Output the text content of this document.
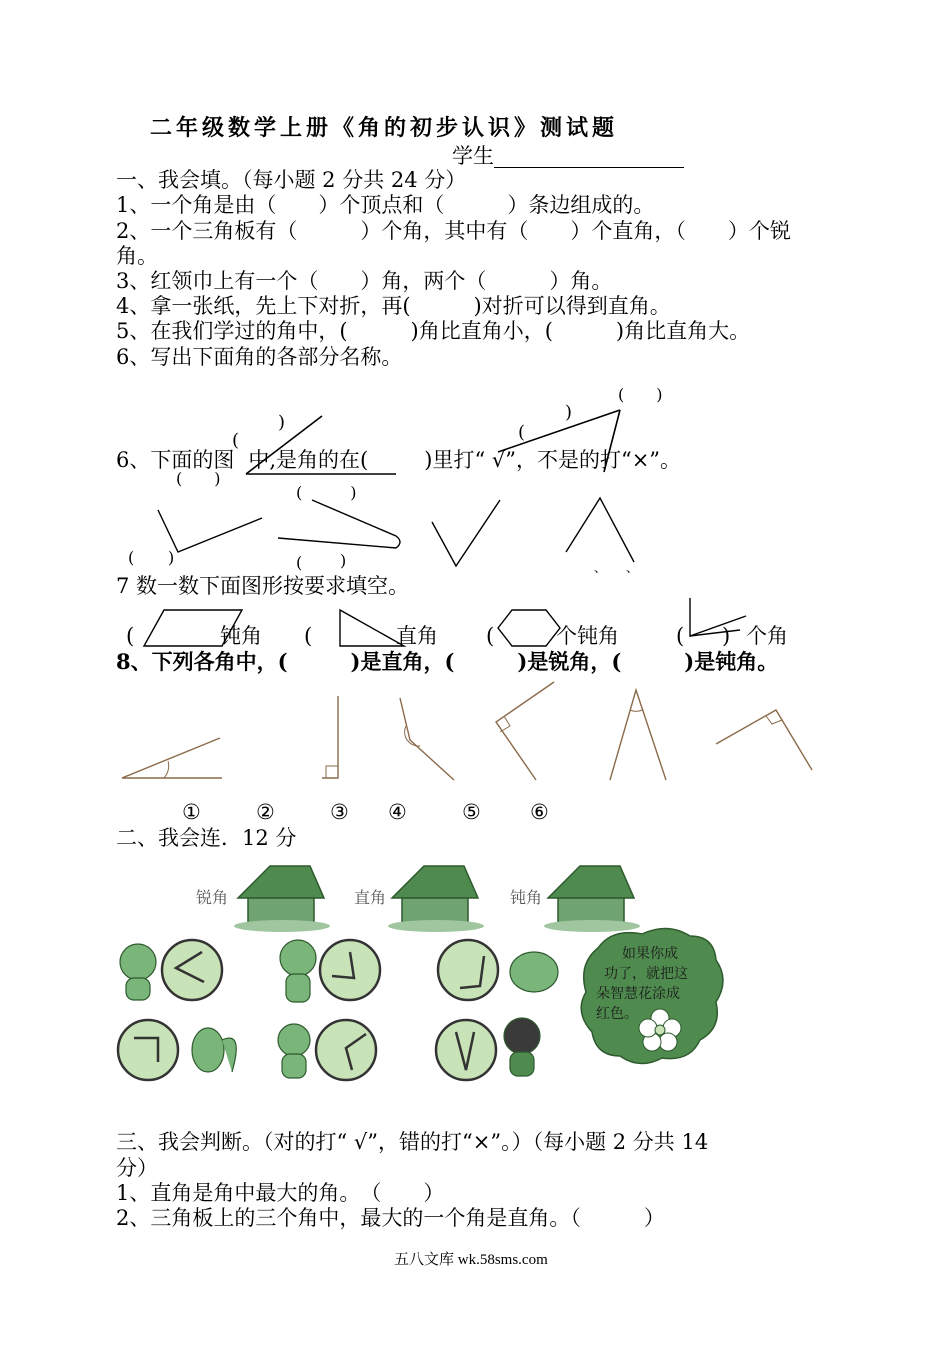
二年级数学上册《角的初步认识》测试题
学生
一、我会填。（每小题 2 分共 24 分）
1、一个角是由（　　）个顶点和（　　　）条边组成的。
2、一个三角板有（　　　）个角，其中有（　　）个直角，（　　）个锐
角。
3、红领巾上有一个（　　）角，两个（　　　）角。
4、拿一张纸，先上下对折，再(　　　)对折可以得到直角。
5、在我们学过的角中，(　　　)角比直角小，(　　　)角比直角大。
6、写出下面角的各部分名称。
)
(
(　　)
(　　　)
(　　)
)
(
6、下面的图 中,是角的在(	)里打“ √”，不是的打“×”。
( )	( )	、 、
7 数一数下面图形按要求填空。
(	钝角 (	直角 (	个钝角	( ) 个角
8、下列各角中，(　　　)是直角，(　　　)是锐角，(　　　)是钝角。
①	②	③ ④	⑤ ⑥
二、我会连．12 分
锐角	直角	钝角
如果你成
功了，就把这
朵智慧花涂成
红色。
三、我会判断。（对的打“ √”，错的打“×”。）（每小题 2 分共 14
分）
1、直角是角中最大的角。　（　　）
2、三角板上的三个角中，最大的一个角是直角。（　　　）
五八文库 wk.58sms.com
